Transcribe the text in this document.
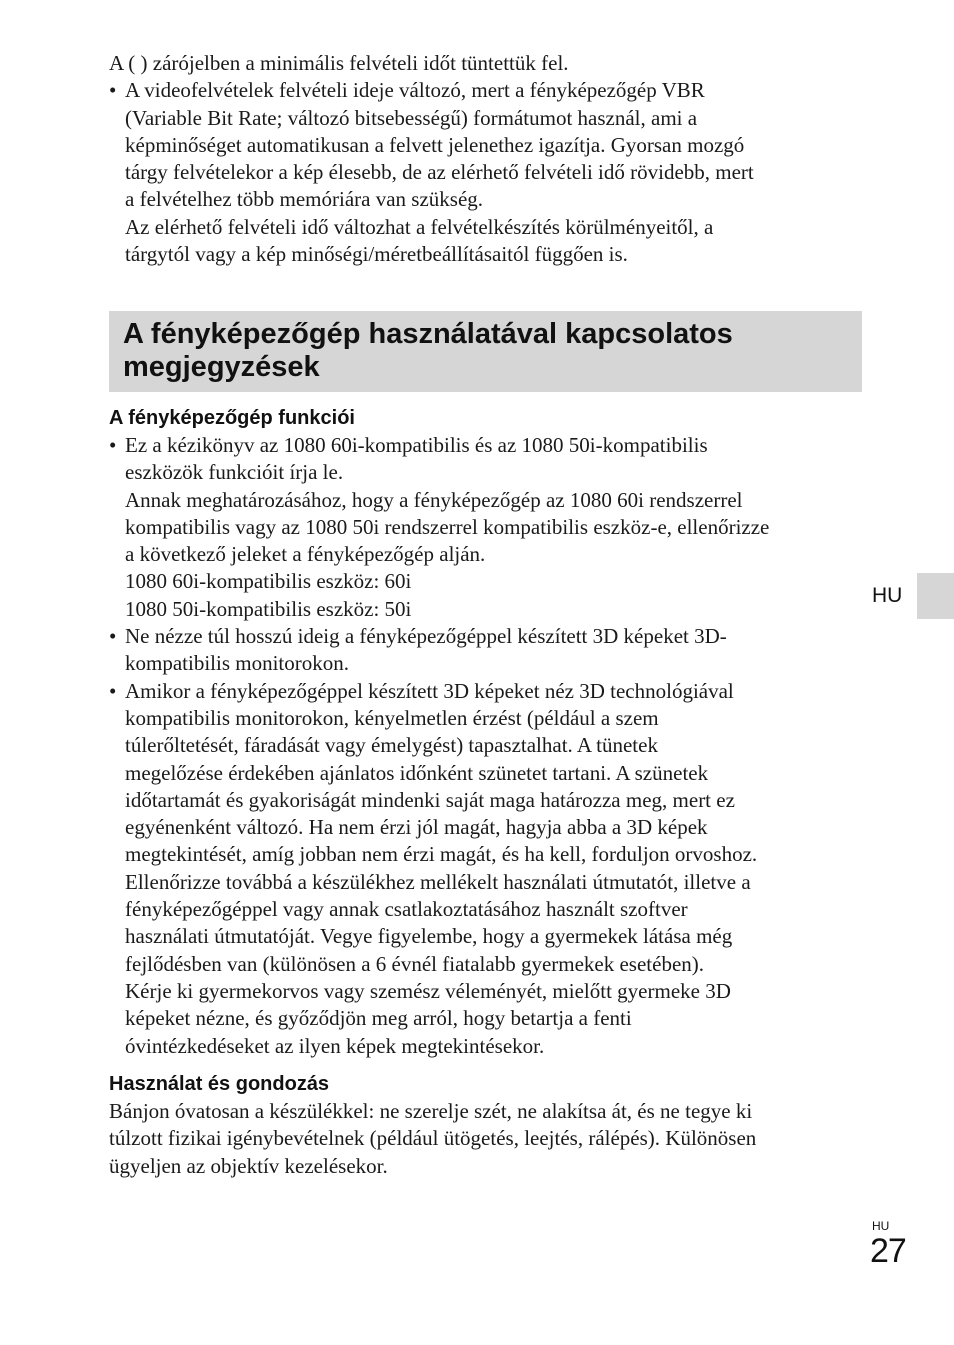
A ( ) zárójelben a minimális felvételi időt tüntettük fel.
• A videofelvételek felvételi ideje változó, mert a fényképezőgép VBR
(Variable Bit Rate; változó bitsebességű) formátumot használ, ami a
képminőséget automatikusan a felvett jelenethez igazítja. Gyorsan mozgó
tárgy felvételekor a kép élesebb, de az elérhető felvételi idő rövidebb, mert
a felvételhez több memóriára van szükség.
Az elérhető felvételi idő változhat a felvételkészítés körülményeitől, a
tárgytól vagy a kép minőségi/méretbeállításaitól függően is.
A fényképezőgép használatával kapcsolatos
megjegyzések
A fényképezőgép funkciói
• Ez a kézikönyv az 1080 60i-kompatibilis és az 1080 50i-kompatibilis
eszközök funkcióit írja le.
Annak meghatározásához, hogy a fényképezőgép az 1080 60i rendszerrel
kompatibilis vagy az 1080 50i rendszerrel kompatibilis eszköz-e, ellenőrizze
a következő jeleket a fényképezőgép alján.
1080 60i-kompatibilis eszköz: 60i
1080 50i-kompatibilis eszköz: 50i
• Ne nézze túl hosszú ideig a fényképezőgéppel készített 3D képeket 3D-
kompatibilis monitorokon.
• Amikor a fényképezőgéppel készített 3D képeket néz 3D technológiával
kompatibilis monitorokon, kényelmetlen érzést (például a szem
túlerőltetését, fáradását vagy émelygést) tapasztalhat. A tünetek
megelőzése érdekében ajánlatos időnként szünetet tartani. A szünetek
időtartamát és gyakoriságát mindenki saját maga határozza meg, mert ez
egyénenként változó. Ha nem érzi jól magát, hagyja abba a 3D képek
megtekintését, amíg jobban nem érzi magát, és ha kell, forduljon orvoshoz.
Ellenőrizze továbbá a készülékhez mellékelt használati útmutatót, illetve a
fényképezőgéppel vagy annak csatlakoztatásához használt szoftver
használati útmutatóját. Vegye figyelembe, hogy a gyermekek látása még
fejlődésben van (különösen a 6 évnél fiatalabb gyermekek esetében).
Kérje ki gyermekorvos vagy szemész véleményét, mielőtt gyermeke 3D
képeket nézne, és győződjön meg arról, hogy betartja a fenti
óvintézkedéseket az ilyen képek megtekintésekor.
Használat és gondozás
Bánjon óvatosan a készülékkel: ne szerelje szét, ne alakítsa át, és ne tegye ki
túlzott fizikai igénybevételnek (például ütögetés, leejtés, rálépés). Különösen
ügyeljen az objektív kezelésekor.
HU
HU
27
